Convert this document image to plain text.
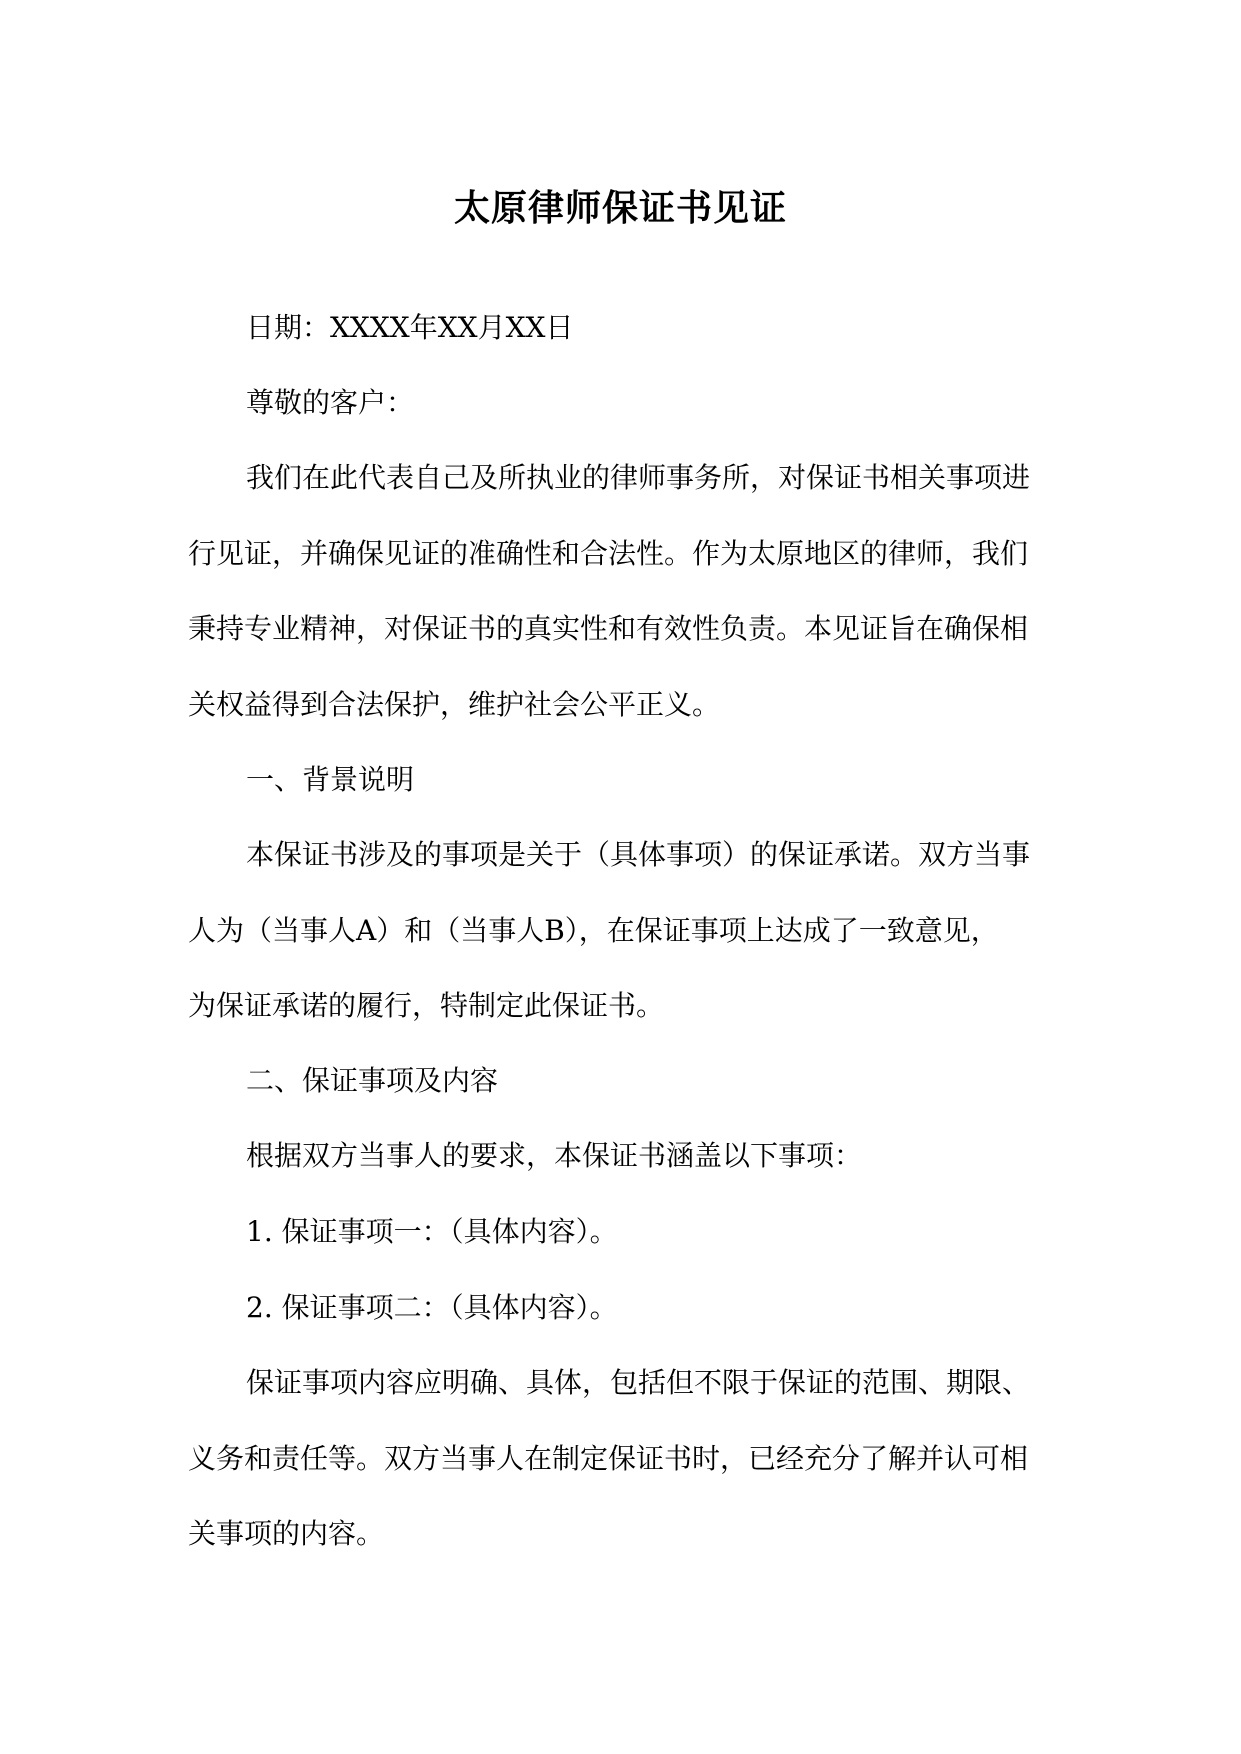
太原律师保证书见证
日期：XXXX年XX月XX日
尊敬的客户：
我们在此代表自己及所执业的律师事务所，对保证书相关事项进
行见证，并确保见证的准确性和合法性。作为太原地区的律师，我们
秉持专业精神，对保证书的真实性和有效性负责。本见证旨在确保相
关权益得到合法保护，维护社会公平正义。
一、背景说明
本保证书涉及的事项是关于（具体事项）的保证承诺。双方当事
人为（当事人A）和（当事人B），在保证事项上达成了一致意见，
为保证承诺的履行，特制定此保证书。
二、保证事项及内容
根据双方当事人的要求，本保证书涵盖以下事项：
1. 保证事项一：（具体内容）。
2. 保证事项二：（具体内容）。
保证事项内容应明确、具体，包括但不限于保证的范围、期限、
义务和责任等。双方当事人在制定保证书时，已经充分了解并认可相
关事项的内容。
